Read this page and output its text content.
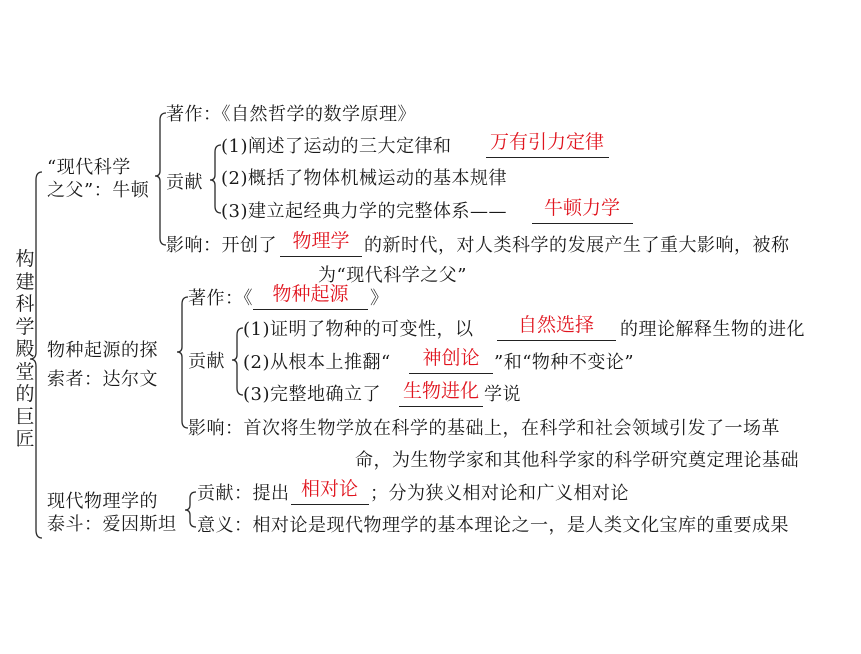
构建科学殿堂的巨匠
“现代科学
之父”：牛顿
著作：《自然哲学的数学原理》
贡献
(1)阐述了运动的三大定律和 万有引力定律
(2)概括了物体机械运动的基本规律
(3)建立起经典力学的完整体系——	牛顿力学
影响：开创了 物理学 的新时代，对人类科学的发展产生了重大影响，被称
为“现代科学之父”
物种起源的探
索者：达尔文
著作：《	物种起源	》
贡献
(1)证明了物种的可变性，以	自然选择	的理论解释生物的进化
(2)从根本上推翻“	神创论 ”和“物种不变论”
(3)完整地确立了 生物进化 学说
影响：首次将生物学放在科学的基础上，在科学和社会领域引发了一场革
命，为生物学家和其他科学家的科学研究奠定理论基础
现代物理学的
泰斗：爱因斯坦
贡献：提出 相对论 ；分为狭义相对论和广义相对论
意义：相对论是现代物理学的基本理论之一，是人类文化宝库的重要成果
